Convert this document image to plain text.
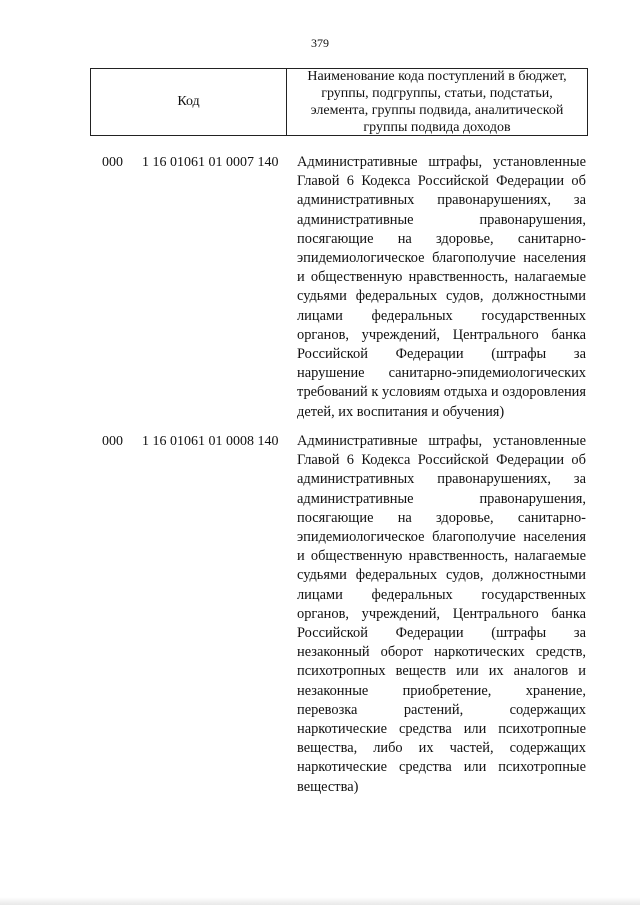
379
Код
Наименование кода поступлений в бюджет, группы, подгруппы, статьи, подстатьи, элемента, группы подвида, аналитической группы подвида доходов
000 1 16 01061 01 0007 140 Административные штрафы, установленные
Главой 6 Кодекса Российской Федерации об
административных правонарушениях, за
административные	правонарушения,
посягающие на здоровье, санитарно-
эпидемиологическое благополучие населения
и общественную нравственность, налагаемые
судьями федеральных судов, должностными
лицами федеральных государственных
органов, учреждений, Центрального банка
Российской Федерации (штрафы за
нарушение санитарно-эпидемиологических
требований к условиям отдыха и оздоровления
детей, их воспитания и обучения)
000 1 16 01061 01 0008 140 Административные штрафы, установленные
Главой 6 Кодекса Российской Федерации об
административных правонарушениях, за
административные	правонарушения,
посягающие на здоровье, санитарно-
эпидемиологическое благополучие населения
и общественную нравственность, налагаемые
судьями федеральных судов, должностными
лицами федеральных государственных
органов, учреждений, Центрального банка
Российской Федерации (штрафы за
незаконный оборот наркотических средств,
психотропных веществ или их аналогов и
незаконные приобретение, хранение,
перевозка	растений,	содержащих
наркотические средства или психотропные
вещества, либо их частей, содержащих
наркотические средства или психотропные
вещества)
